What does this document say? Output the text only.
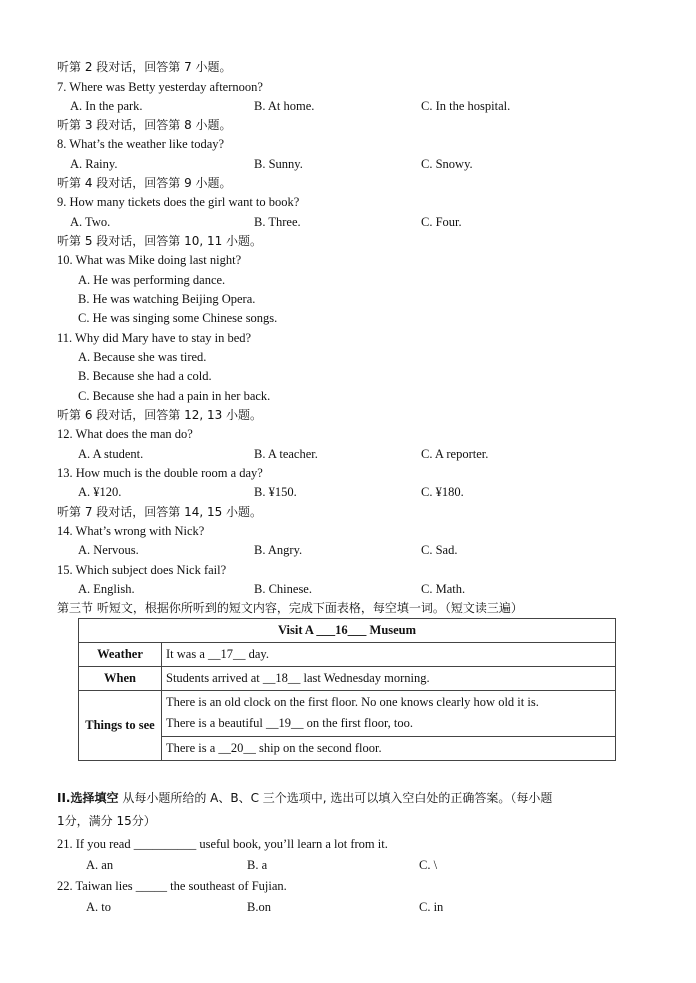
听第 2 段对话，回答第 7 小题。
7. Where was Betty yesterday afternoon?
A. In the park.	B. At home.	C. In the hospital.
听第 3 段对话，回答第 8 小题。
8. What’s the weather like today?
A. Rainy.	B. Sunny.	C. Snowy.
听第 4 段对话，回答第 9 小题。
9. How many tickets does the girl want to book?
A. Two.	B. Three.	C. Four.
听第 5 段对话，回答第 10, 11 小题。
10. What was Mike doing last night?
A. He was performing dance.
B. He was watching Beijing Opera.
C. He was singing some Chinese songs.
11. Why did Mary have to stay in bed?
A. Because she was tired.
B. Because she had a cold.
C. Because she had a pain in her back.
听第 6 段对话，回答第 12, 13 小题。
12. What does the man do?
A. A student.	B. A teacher.	C. A reporter.
13. How much is the double room a day?
A. ¥120.	B. ¥150.	C. ¥180.
听第 7 段对话，回答第 14, 15 小题。
14. What’s wrong with Nick?
A. Nervous.	B. Angry.	C. Sad.
15. Which subject does Nick fail?
A. English.	B. Chinese.	C. Math.
第三节 听短文，根据你所听到的短文内容，完成下面表格，每空填一词。（短文读三遍）
Visit A ___16___ Museum	
Weather	It was a __17__ day.
When	Students arrived at __18__ last Wednesday morning.
Things to see	There is an old clock on the first floor. No one knows clearly how old it is.
There is a beautiful __19__ on the first floor, too.

	There is a __20__ ship on the second floor.
II.选择填空 从每小题所给的 A、B、C 三个选项中, 选出可以填入空白处的正确答案。（每小题
1分，满分 15分）
21. If you read __________ useful book, you’ll learn a lot from it.
A. an	B. a	C. \
22. Taiwan lies _____ the southeast of Fujian.
A. to	B.on	C. in
